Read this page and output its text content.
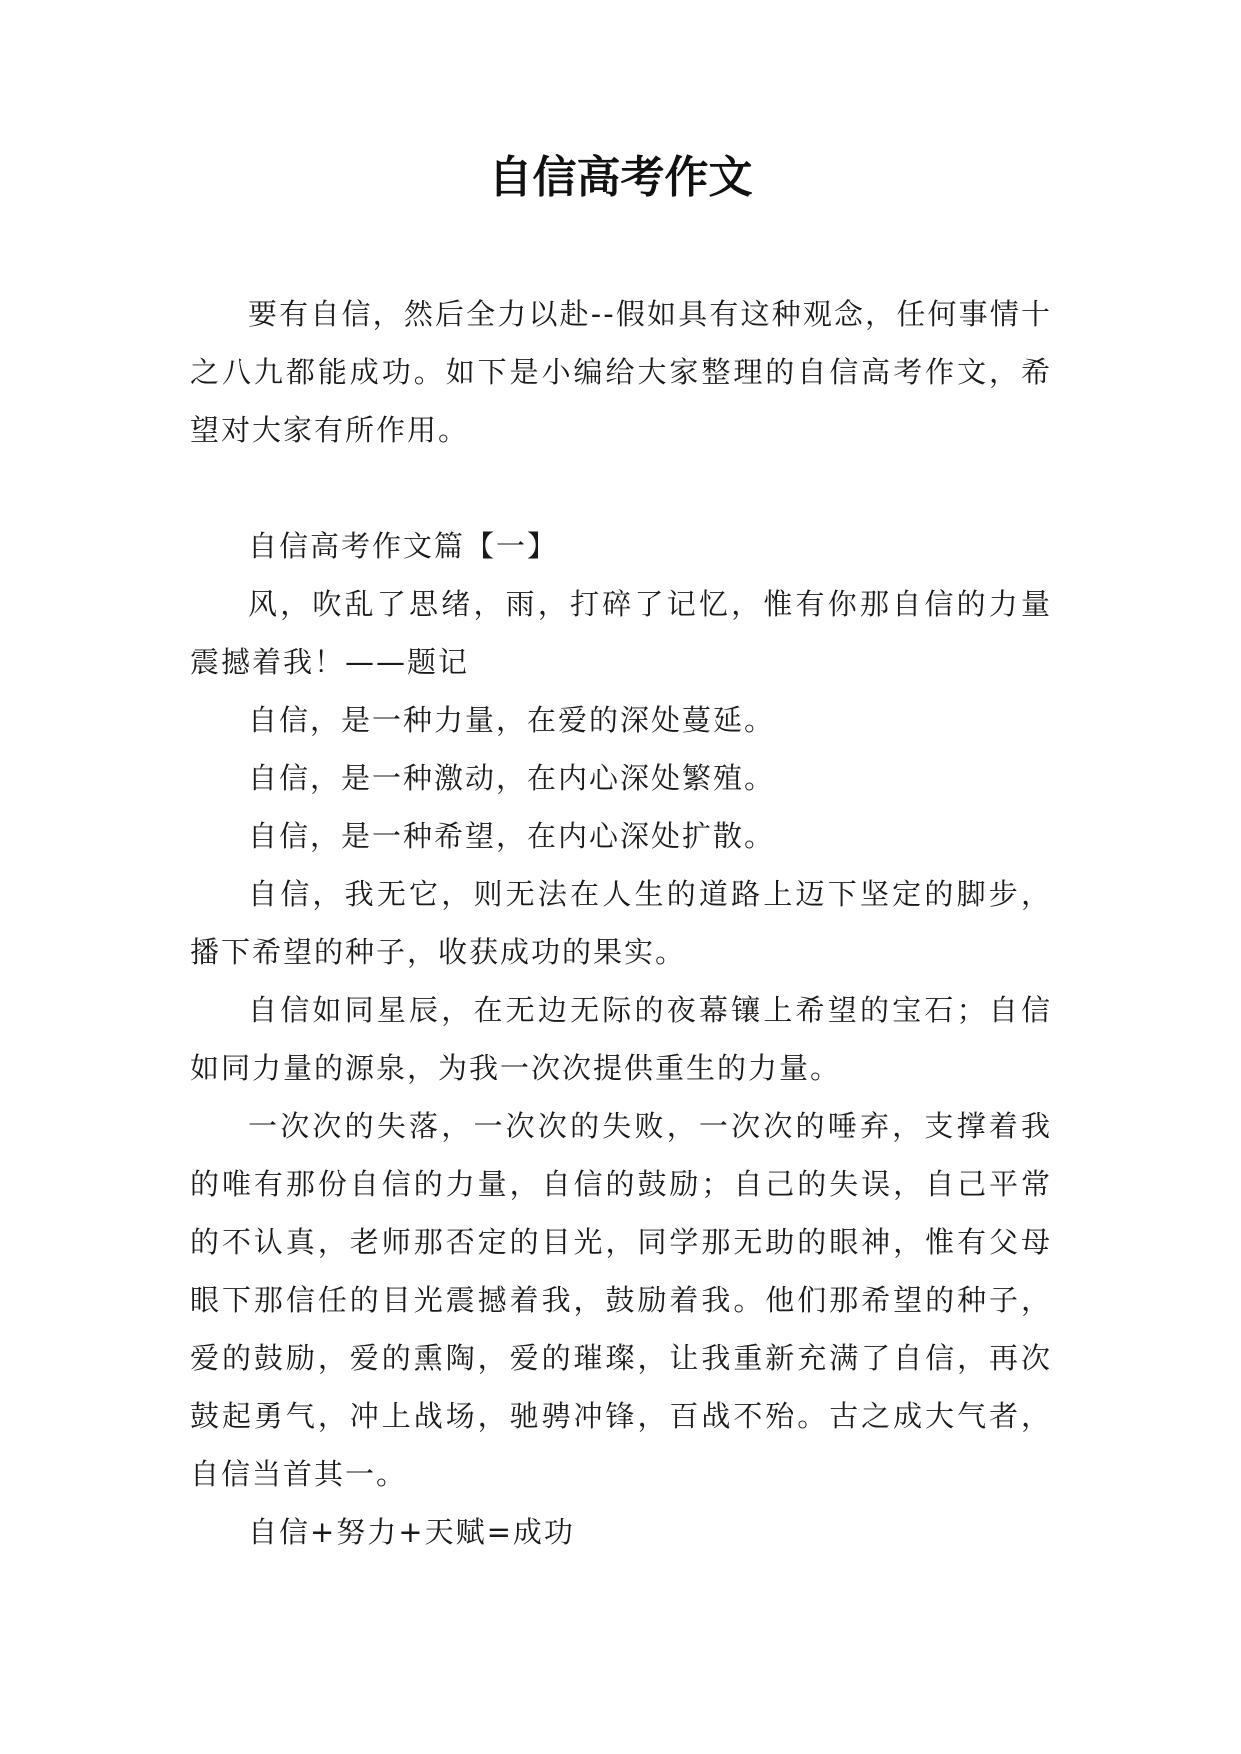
自信高考作文

要有自信，然后全力以赴--假如具有这种观念，任何事情十之八九都能成功。如下是小编给大家整理的自信高考作文，希望对大家有所作用。

自信高考作文篇【一】

风，吹乱了思绪，雨，打碎了记忆，惟有你那自信的力量震撼着我！——题记

自信，是一种力量，在爱的深处蔓延。

自信，是一种激动，在内心深处繁殖。

自信，是一种希望，在内心深处扩散。

自信，我无它，则无法在人生的道路上迈下坚定的脚步，播下希望的种子，收获成功的果实。

自信如同星辰，在无边无际的夜幕镶上希望的宝石；自信如同力量的源泉，为我一次次提供重生的力量。

一次次的失落，一次次的失败，一次次的唾弃，支撑着我的唯有那份自信的力量，自信的鼓励；自己的失误，自己平常的不认真，老师那否定的目光，同学那无助的眼神，惟有父母眼下那信任的目光震撼着我，鼓励着我。他们那希望的种子，爱的鼓励，爱的熏陶，爱的璀璨，让我重新充满了自信，再次鼓起勇气，冲上战场，驰骋冲锋，百战不殆。古之成大气者，自信当首其一。

自信+努力+天赋=成功
